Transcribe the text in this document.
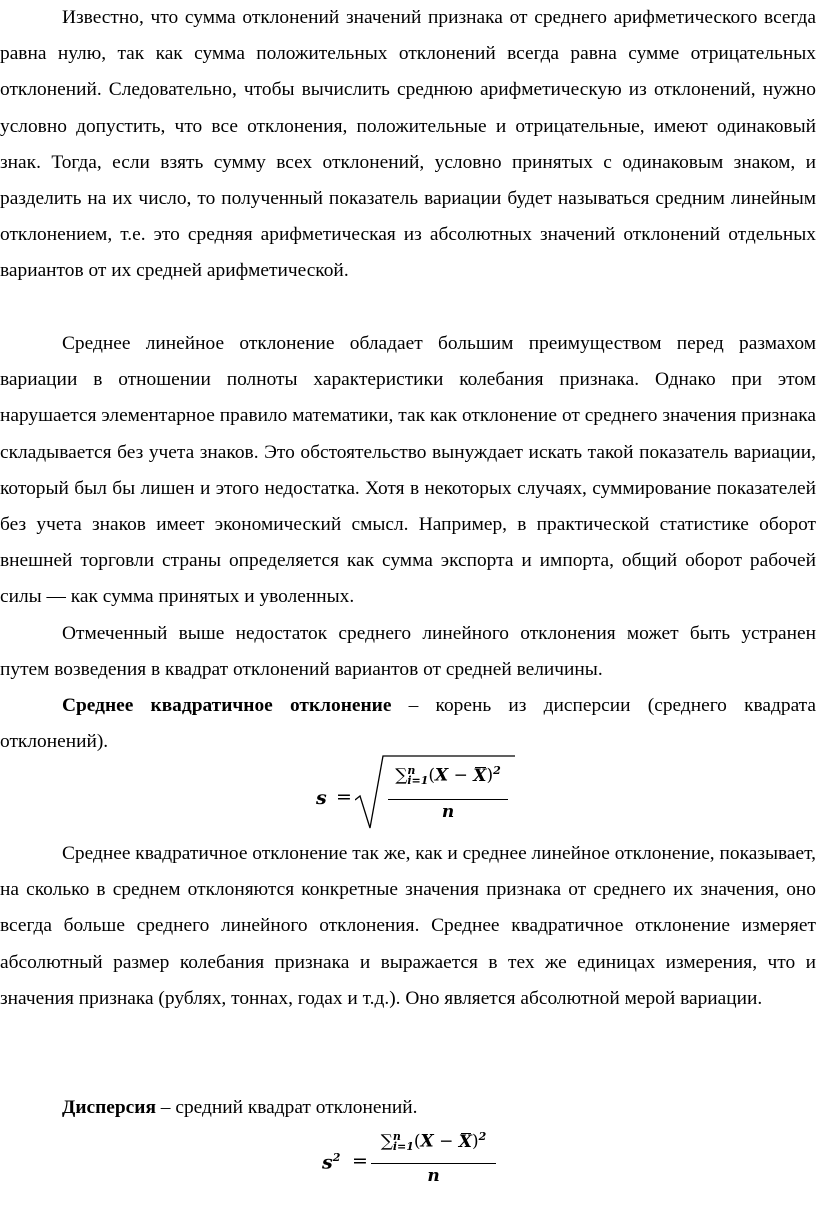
Известно, что сумма отклонений значений признака от среднего арифметического всегда равна нулю, так как сумма положительных отклонений всегда равна сумме отрицательных отклонений. Следовательно, чтобы вычислить среднюю арифметическую из отклонений, нужно условно допустить, что все отклонения, положительные и отрицательные, имеют одинаковый знак. Тогда, если взять сумму всех отклонений, условно принятых с одинаковым знаком, и разделить на их число, то полученный показатель вариации будет называться средним линейным отклонением, т.е. это средняя арифметическая из абсолютных значений отклонений отдельных вариантов от их средней арифметической.

Среднее линейное отклонение обладает большим преимуществом перед размахом вариации в отношении полноты характеристики колебания признака. Однако при этом нарушается элементарное правило математики, так как отклонение от среднего значения признака складывается без учета знаков. Это обстоятельство вынуждает искать такой показатель вариации, который был бы лишен и этого недостатка. Хотя в некоторых случаях, суммирование показателей без учета знаков имеет экономический смысл. Например, в практической статистике оборот внешней торговли страны определяется как сумма экспорта и импорта, общий оборот рабочей силы — как сумма принятых и уволенных.

Отмеченный выше недостаток среднего линейного отклонения может быть устранен путем возведения в квадрат отклонений вариантов от средней величины.

Среднее квадратичное отклонение – корень из дисперсии (среднего квадрата отклонений).

s =
∑ n
i=1 $(X - X)^2$
n

Среднее квадратичное отклонение так же, как и среднее линейное отклонение, показывает, на сколько в среднем отклоняются конкретные значения признака от среднего их значения, оно всегда больше среднего линейного отклонения. Среднее квадратичное отклонение измеряет абсолютный размер колебания признака и выражается в тех же единицах измерения, что и значения признака (рублях, тоннах, годах и т.д.). Оно является абсолютной мерой вариации.

Дисперсия – средний квадрат отклонений.

$s^2$ =
∑ n
i=1 $(X - X)^2$
n
